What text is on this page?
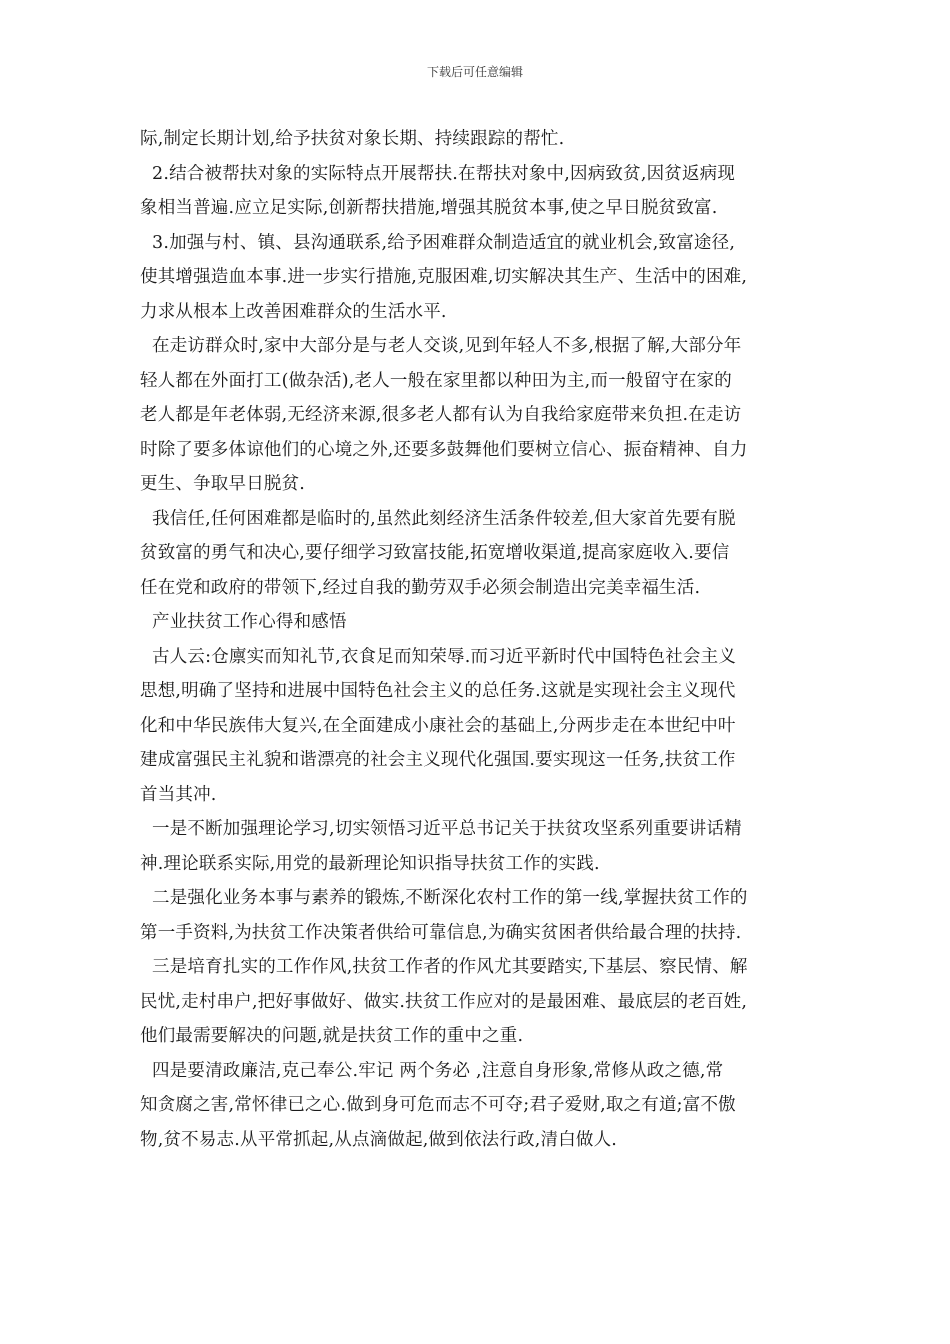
下载后可任意编辑

际,制定长期计划,给予扶贫对象长期、持续跟踪的帮忙.

2.结合被帮扶对象的实际特点开展帮扶.在帮扶对象中,因病致贫,因贫返病现

象相当普遍.应立足实际,创新帮扶措施,增强其脱贫本事,使之早日脱贫致富.

3.加强与村、镇、县沟通联系,给予困难群众制造适宜的就业机会,致富途径,

使其增强造血本事.进一步实行措施,克服困难,切实解决其生产、生活中的困难,

力求从根本上改善困难群众的生活水平.

在走访群众时,家中大部分是与老人交谈,见到年轻人不多,根据了解,大部分年

轻人都在外面打工(做杂活),老人一般在家里都以种田为主,而一般留守在家的

老人都是年老体弱,无经济来源,很多老人都有认为自我给家庭带来负担.在走访

时除了要多体谅他们的心境之外,还要多鼓舞他们要树立信心、振奋精神、自力

更生、争取早日脱贫.

我信任,任何困难都是临时的,虽然此刻经济生活条件较差,但大家首先要有脱

贫致富的勇气和决心,要仔细学习致富技能,拓宽增收渠道,提高家庭收入.要信

任在党和政府的带领下,经过自我的勤劳双手必须会制造出完美幸福生活.

产业扶贫工作心得和感悟

古人云:仓廪实而知礼节,衣食足而知荣辱.而习近平新时代中国特色社会主义

思想,明确了坚持和进展中国特色社会主义的总任务.这就是实现社会主义现代

化和中华民族伟大复兴,在全面建成小康社会的基础上,分两步走在本世纪中叶

建成富强民主礼貌和谐漂亮的社会主义现代化强国.要实现这一任务,扶贫工作

首当其冲.

一是不断加强理论学习,切实领悟习近平总书记关于扶贫攻坚系列重要讲话精

神.理论联系实际,用党的最新理论知识指导扶贫工作的实践.

二是强化业务本事与素养的锻炼,不断深化农村工作的第一线,掌握扶贫工作的

第一手资料,为扶贫工作决策者供给可靠信息,为确实贫困者供给最合理的扶持.

三是培育扎实的工作作风,扶贫工作者的作风尤其要踏实,下基层、察民情、解

民忧,走村串户,把好事做好、做实.扶贫工作应对的是最困难、最底层的老百姓,

他们最需要解决的问题,就是扶贫工作的重中之重.

四是要清政廉洁,克己奉公.牢记 两个务必 ,注意自身形象,常修从政之德,常

知贪腐之害,常怀律已之心.做到身可危而志不可夺;君子爱财,取之有道;富不傲

物,贫不易志.从平常抓起,从点滴做起,做到依法行政,清白做人.
